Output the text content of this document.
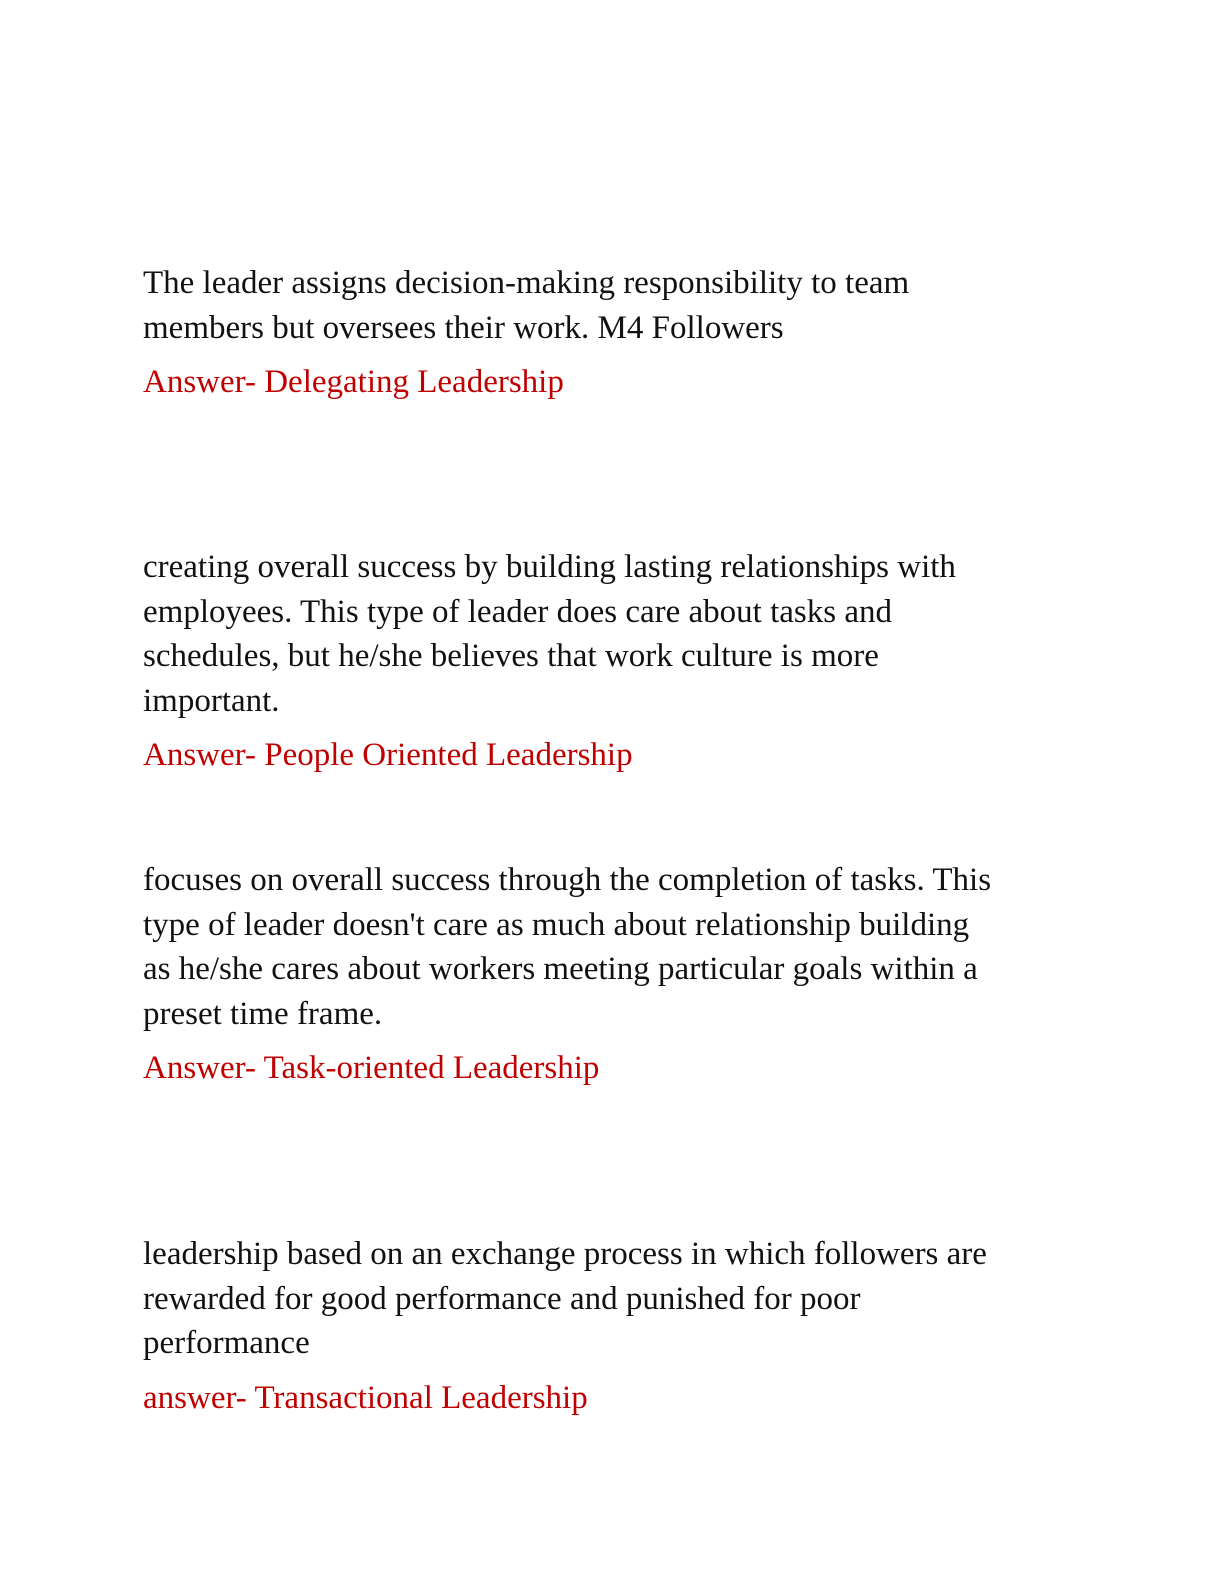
The leader assigns decision-making responsibility to team
members but oversees their work. M4 Followers

Answer- Delegating Leadership

creating overall success by building lasting relationships with
employees. This type of leader does care about tasks and
schedules, but he/she believes that work culture is more
important.

Answer- People Oriented Leadership

focuses on overall success through the completion of tasks. This
type of leader doesn't care as much about relationship building
as he/she cares about workers meeting particular goals within a
preset time frame.

Answer- Task-oriented Leadership

leadership based on an exchange process in which followers are
rewarded for good performance and punished for poor
performance

answer- Transactional Leadership
